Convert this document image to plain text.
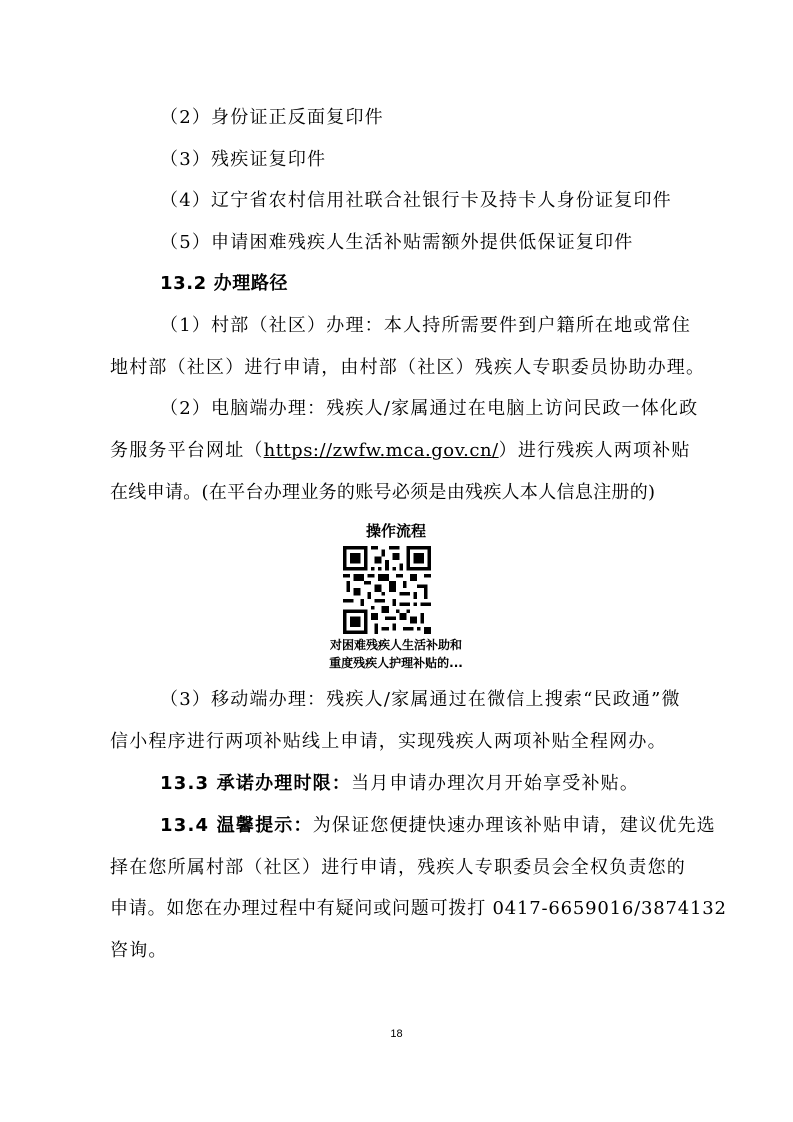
（2）身份证正反面复印件
（3）残疾证复印件
（4）辽宁省农村信用社联合社银行卡及持卡人身份证复印件
（5）申请困难残疾人生活补贴需额外提供低保证复印件
13.2 办理路径
（1）村部（社区）办理：本人持所需要件到户籍所在地或常住
地村部（社区）进行申请，由村部（社区）残疾人专职委员协助办理。
（2）电脑端办理：残疾人/家属通过在电脑上访问民政一体化政
务服务平台网址（https://zwfw.mca.gov.cn/）进行残疾人两项补贴
在线申请。(在平台办理业务的账号必须是由残疾人本人信息注册的)
操作流程
对困难残疾人生活补助和
重度残疾人护理补贴的...
（3）移动端办理：残疾人/家属通过在微信上搜索“民政通”微
信小程序进行两项补贴线上申请，实现残疾人两项补贴全程网办。
13.3 承诺办理时限：当月申请办理次月开始享受补贴。
13.4 温馨提示：为保证您便捷快速办理该补贴申请，建议优先选
择在您所属村部（社区）进行申请，残疾人专职委员会全权负责您的
申请。如您在办理过程中有疑问或问题可拨打 0417-6659016/3874132
咨询。
18
